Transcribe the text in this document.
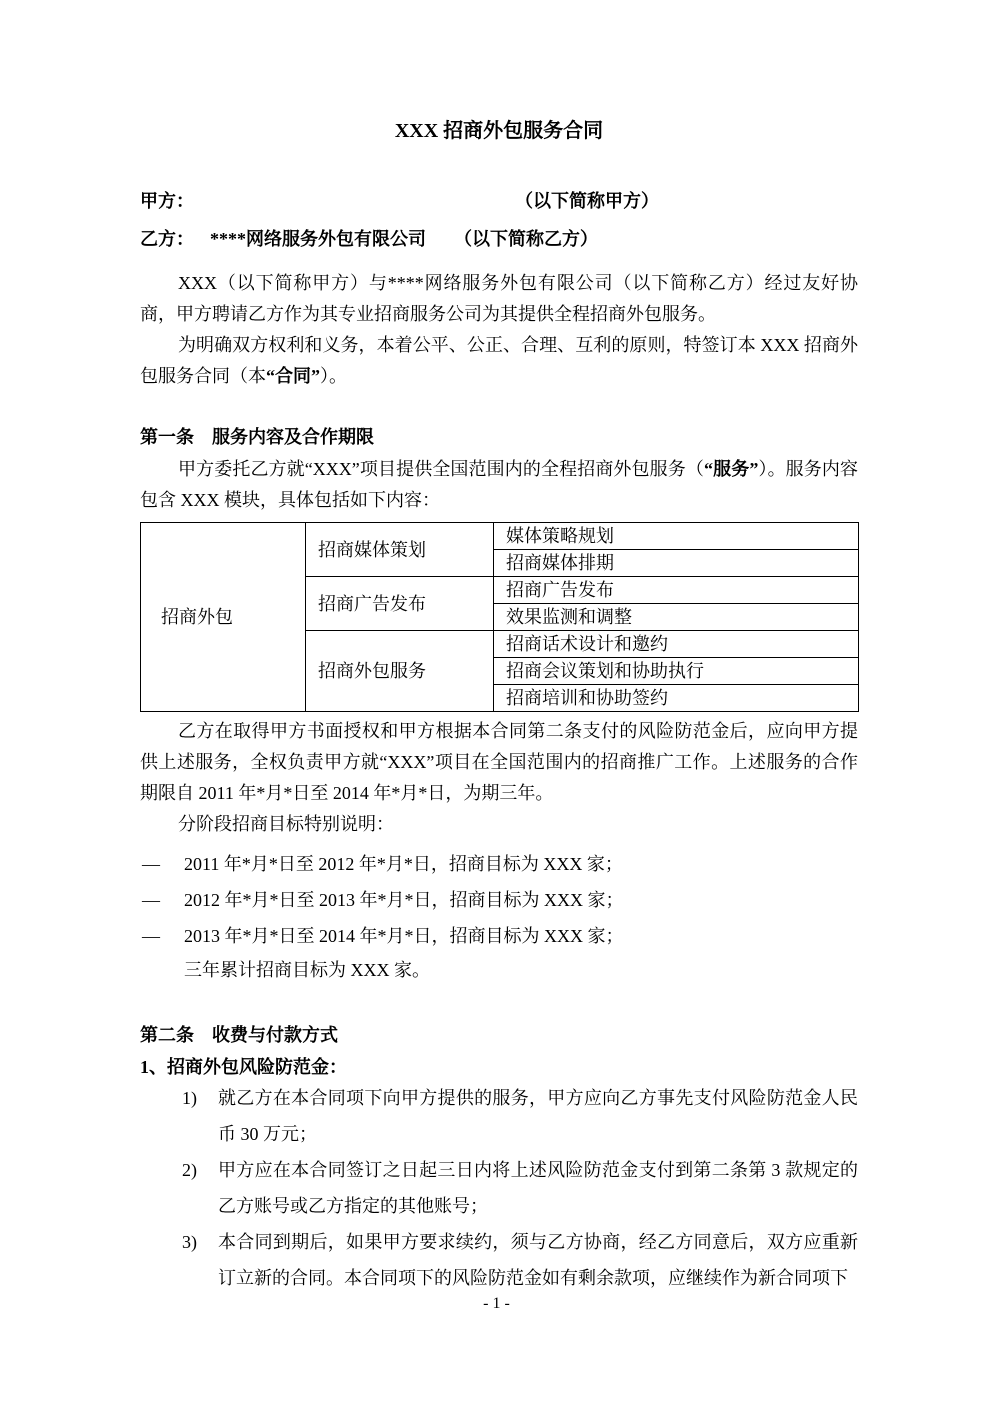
XXX 招商外包服务合同
甲方：	（以下简称甲方）
乙方： ****网络服务外包有限公司 （以下简称乙方）

XXX（以下简称甲方）与****网络服务外包有限公司（以下简称乙方）经过友好协商，甲方聘请乙方作为其专业招商服务公司为其提供全程招商外包服务。

为明确双方权利和义务，本着公平、公正、合理、互利的原则，特签订本 XXX 招商外包服务合同（本“合同”）。

第一条　服务内容及合作期限

甲方委托乙方就“XXX”项目提供全国范围内的全程招商外包服务（“服务”）。服务内容包含 XXX 模块，具体包括如下内容：

招商外包	招商媒体策划	媒体策略规划
		招商媒体排期
	招商广告发布	招商广告发布
		效果监测和调整
	招商外包服务	招商话术设计和邀约
		招商会议策划和协助执行
		招商培训和协助签约

乙方在取得甲方书面授权和甲方根据本合同第二条支付的风险防范金后，应向甲方提供上述服务，全权负责甲方就“XXX”项目在全国范围内的招商推广工作。上述服务的合作期限自 2011 年*月*日至 2014 年*月*日，为期三年。

分阶段招商目标特别说明：

— 2011 年*月*日至 2012 年*月*日，招商目标为 XXX 家；

— 2012 年*月*日至 2013 年*月*日，招商目标为 XXX 家；

— 2013 年*月*日至 2014 年*月*日，招商目标为 XXX 家；

三年累计招商目标为 XXX 家。

第二条　收费与付款方式

1、招商外包风险防范金：

1) 就乙方在本合同项下向甲方提供的服务，甲方应向乙方事先支付风险防范金人民币 30 万元；

2) 甲方应在本合同签订之日起三日内将上述风险防范金支付到第二条第 3 款规定的乙方账号或乙方指定的其他账号；

3) 本合同到期后，如果甲方要求续约，须与乙方协商，经乙方同意后，双方应重新订立新的合同。本合同项下的风险防范金如有剩余款项，应继续作为新合同项下

- 1 -
